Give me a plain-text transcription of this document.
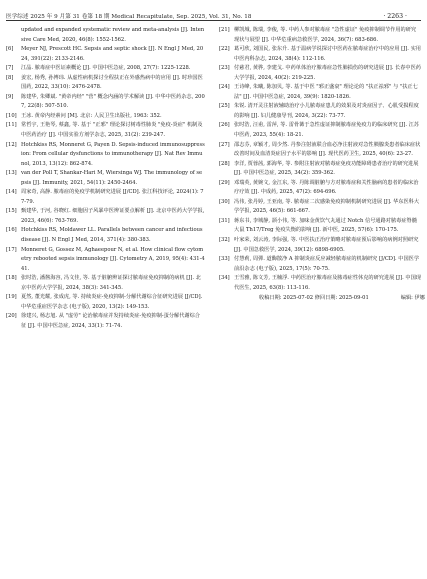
医学综述 2025 年 9 月第 31 卷第 18 期 Medical Recapitulate, Sep. 2025, Vol. 31, No. 18	· 2263 ·
updated and expanded systematic review and meta-analysis [J]. Intensive Care Med, 2020, 46(8): 1552-1562.
[6]	Meyer NJ, Prescott HC. Sepsis and septic shock [J]. N Engl J Med, 2024, 391(22): 2133-2146.
[7]	江晶. 脓毒症中医证素概论 [J]. 中国中医急症, 2008, 27(7): 1225-1228.
[8]	姜宏, 杨秀, 孙博玮. 从虚性病机探讨全程扶正在外感热病中的应用 [J]. 时珍国医国药, 2022, 33(10): 2476-2478.
[9]	陈建华, 朱卿斌. "黄帝内经" "营" 概念内涵的学术解读 [J]. 中华中医药杂志, 2007, 22(8): 507-510.
[10] 王冰. 黄帝内经素问 [M]. 北京: 人民卫生出版社, 1963: 352.
[11] 常哲宇, 王艳琴, 蔡鑫, 等. 基于 "正邪" 理论探讨树毒性肺炎 "免疫-炎症" 机制及中医药治疗 [J]. 中国实验方剂学杂志, 2025, 31(2): 239-247.
[12] Hotchkiss RS, Monneret G, Payen D. Sepsis-induced immunosuppression: From cellular dysfunctions to immunotherapy [J]. Nat Rev Immunol, 2013, 13(12): 862-874.
[13] van der Poll T, Shankar-Hari M, Wiersinga WJ. The immunology of sepsis [J]. Immunity, 2021, 54(11): 2450-2464.
[14] 周家奇, 高静. 脓毒症的免疫学机制研究进展 [J/CD]. 张江科技评论, 2024(1): 77-79.
[15] 甄建华, 于河, 谷晓红. 细胞因子风暴中医辨证要点解析 [J]. 北京中医药大学学报, 2023, 46(6): 763-769.
[16] Hotchkiss RS, Moldawer LL. Parallels between cancer and infectious disease [J]. N Engl J Med, 2014, 371(4): 380-383.
[17] Monneret G, Gossez M, Aghaeepour N, et al. How clinical flow cytometry rebooted sepsis immunology [J]. Cytometry A, 2019, 95(4): 431-441.
[18] 张时浩, 潘酱海容, 冯文佳, 等. 基于脏腑辨证探讨脓毒症免疫抑制的病机 [J]. 北京中医药大学学报, 2024, 38(3): 341-345.
[19] 夏然, 董光耀, 张成虎, 等. 持续炎症-免疫抑制-分解代谢综合征研究进展 [J/CD]. 中华危重症医学杂志 (电子版), 2020, 13(2): 149-153.
[20] 徐建兴, 杨志旭. 从 "虚劳" 论治脓毒症并发持续炎症-免疫抑制-蛋分解代谢综合征 [J]. 中国中医急症, 2024, 33(1): 71-74.
[21] 柳凯城, 陈瑞, 李俊, 等. 中药人参对脓毒症 "急性虚证" 免疫抑制调节作用的研究现状与展望 [J]. 中华危重病急救医学, 2024, 36(7): 683-686.
[22] 葛可欣, 刘国民, 张东升. 基于温病学说探讨中医药在脓毒症治疗中的应用 [J]. 实用中医内科杂志, 2024, 38(4): 112-116.
[23] 付慈君, 黄骅, 李建戈. 中药单体治疗脓毒症急性肺损伤的研究进展 [J]. 长春中医药大学学报, 2024, 40(2): 219-225.
[24] 王诗峰, 朱曦, 陈加贝, 等. 基于中医 "邪正盛衰" 理论论的 "扶正祛邪" 与 "扶正七法" [J]. 中国中医急症, 2024, 39(9): 1820-1826.
[25] 朱锐. 清开灵注射液辅助治疗小儿脓毒症患儿的效果及对炎症因子、心肌受损程度的影响 [J]. 妇儿健康导刊, 2024, 3(22): 73-77.
[26] 张时浩, 汪甫, 雷萍, 等. 雷骨篝于急性虚证抑制脓毒症免疫力的临床研究 [J]. 江苏中医药, 2023, 55(4): 18-21.
[27] 邵志芬, 章颖才, 周少然. 丹参注射液联合血必净注射液对急性胰腺炎患者临床症状改善时间及血清炎症因子水平的影响 [J]. 现代医药卫生, 2025, 40(6): 23-27.
[28] 李洋, 贾蓉茜, 郭海华, 等. 参附注射液对脓毒症免疫功能障碍患者治疗的研究进展 [J]. 中国中医急症, 2025, 34(2): 359-362.
[29] 邓瑞英, 黄婉文, 金江东, 等. 丹陈调脏腑与方对脓毒症和关性脑病的患者的临床治疗疗效 [J]. 中成药, 2025, 47(2): 694-696.
[30] 冯伟, 张丹婷, 王亚南, 等. 脓毒症二次感染免疫抑制机制研究进展 [J]. 华东医科大学学报, 2025, 46(5): 661-667.
[31] 蒋东书, 李城静, 颉小伟, 等. 加味金黄饮气丸通过 Notch 信号通路对脓毒症脊髓大鼠 Th17/Treg 免疫失衡的影响 [J]. 新中医, 2025, 57(6): 170-175.
[32] 叶家荣, 刘云涛, 李际强, 等. 中医扶正治疗策略对脓毒症预后影响的病例对照研究 [J]. 中国急救医学, 2024, 39(12): 6898-6905.
[33] 付慧莉, 周彈. 道酶散净 A 抑制炎症反应减轻脓毒症的机制研究 [J/CD]. 中国医学前沿杂志 (电子版), 2025, 17(5): 70-75.
[34] 王雪雅, 陈文芳, 王楠浮. 中药医治疗脓毒症及脓毒症性休克的研究进展 [J]. 中国现代医生, 2025, 63(8): 113-116.
收稿日期: 2025-07-02 修回日期: 2025-09-01	编辑: 伊娜
